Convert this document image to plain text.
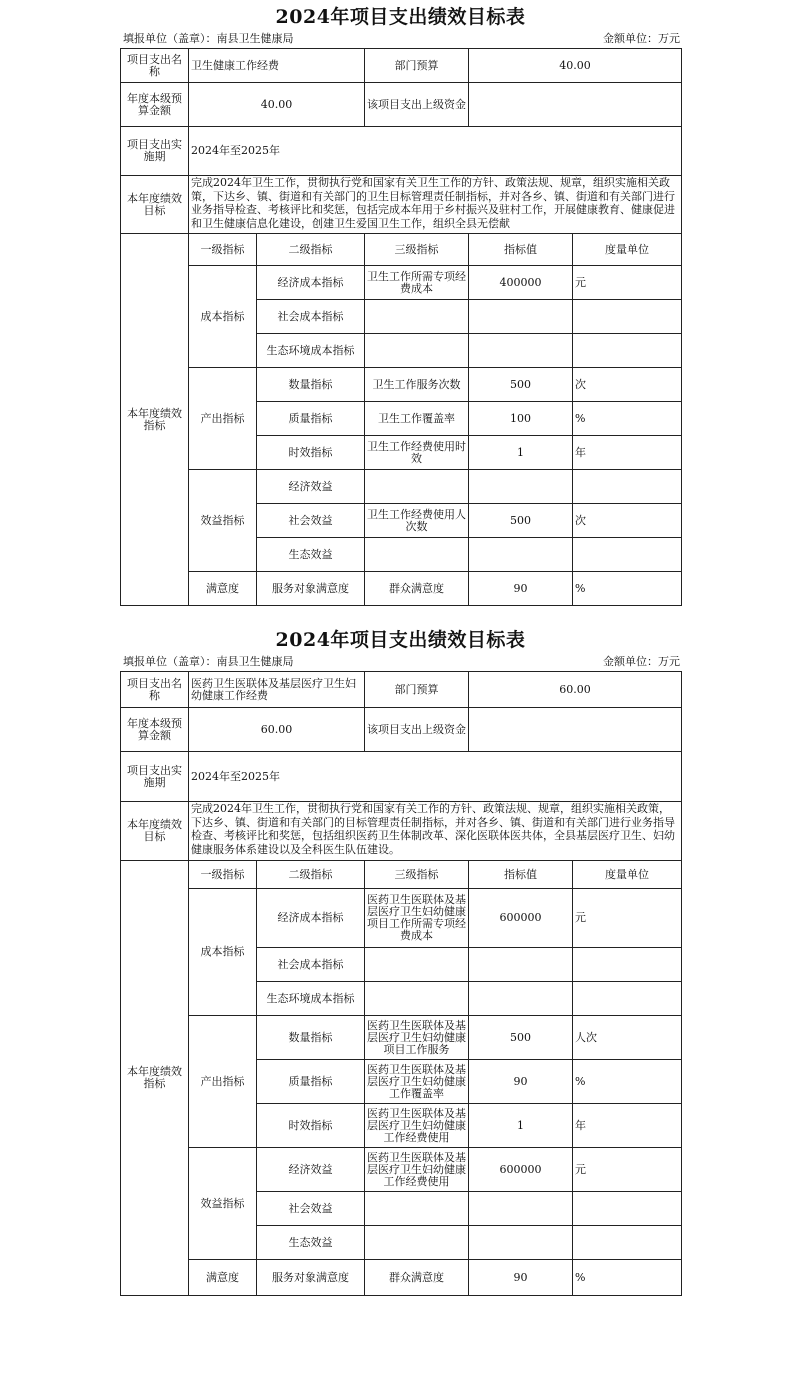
2024年项目支出绩效目标表
填报单位（盖章）：南县卫生健康局	金额单位：万元
项目支出名称	卫生健康工作经费		部门预算	40.00	
年度本级预算金额	40.00		该项目支出上级资金		
项目支出实施期	2024年至2025年				
本年度绩效目标	完成2024年卫生工作，贯彻执行党和国家有关卫生工作的方针、政策法规、规章，组织实施相关政策，下达乡、镇、街道和有关部门的卫生目标管理责任制指标，并对各乡、镇、街道和有关部门进行业务指导检查、考核评比和奖惩，包括完成本年用于乡村振兴及驻村工作，开展健康教育、健康促进和卫生健康信息化建设，创建卫生爱国卫生工作，组织全县无偿献				

本年度绩效指标	一级指标	二级指标	三级指标	指标值	度量单位
	成本指标	经济成本指标	卫生工作所需专项经费成本	400000	元
		社会成本指标			
		生态环境成本指标			
	产出指标	数量指标	卫生工作服务次数	500	次
		质量指标	卫生工作覆盖率	100	%
		时效指标	卫生工作经费使用时效	1	年
	效益指标	经济效益			
		社会效益	卫生工作经费使用人次数	500	次
		生态效益			
	满意度	服务对象满意度	群众满意度	90	%
2024年项目支出绩效目标表
填报单位（盖章）：南县卫生健康局	金额单位：万元
项目支出名称	医药卫生医联体及基层医疗卫生妇幼健康工作经费		部门预算	60.00	
年度本级预算金额	60.00		该项目支出上级资金		
项目支出实施期	2024年至2025年				
本年度绩效目标	完成2024年卫生工作，贯彻执行党和国家有关工作的方针、政策法规、规章，组织实施相关政策，下达乡、镇、街道和有关部门的目标管理责任制指标，并对各乡、镇、街道和有关部门进行业务指导检查、考核评比和奖惩，包括组织医药卫生体制改革、深化医联体医共体，全县基层医疗卫生、妇幼健康服务体系建设以及全科医生队伍建设。				

本年度绩效指标	一级指标	二级指标	三级指标	指标值	度量单位
	成本指标	经济成本指标	医药卫生医联体及基层医疗卫生妇幼健康项目工作所需专项经费成本	600000	元
		社会成本指标			
		生态环境成本指标			
	产出指标	数量指标	医药卫生医联体及基层医疗卫生妇幼健康项目工作服务	500	人次
		质量指标	医药卫生医联体及基层医疗卫生妇幼健康工作覆盖率	90	%
		时效指标	医药卫生医联体及基层医疗卫生妇幼健康工作经费使用	1	年
	效益指标	经济效益	医药卫生医联体及基层医疗卫生妇幼健康工作经费使用	600000	元
		社会效益			
		生态效益			
	满意度	服务对象满意度	群众满意度	90	%
